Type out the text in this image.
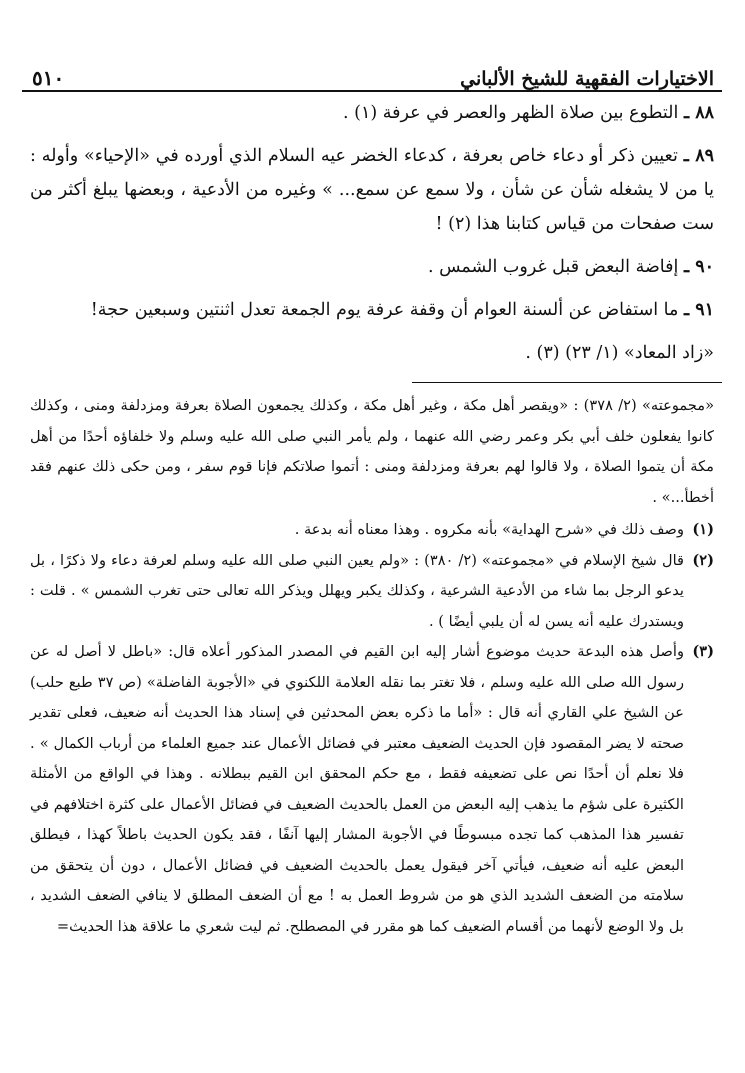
الاختيارات الفقهية للشيخ الألباني
٥١٠

٨٨ ـ التطوع بين صلاة الظهر والعصر في عرفة (١) .

٨٩ ـ تعيين ذكر أو دعاء خاص بعرفة ، كدعاء الخضر عيه السلام الذي أورده في «الإحياء» وأوله : يا من لا يشغله شأن عن شأن ، ولا سمع عن سمع... » وغيره من الأدعية ، وبعضها يبلغ أكثر من ست صفحات من قياس كتابنا هذا (٢) !

٩٠ ـ إفاضة البعض قبل غروب الشمس .

٩١ ـ ما استفاض عن ألسنة العوام أن وقفة عرفة يوم الجمعة تعدل اثنتين وسبعين حجة!

«زاد المعاد» (١/ ٢٣) (٣) .

«مجموعته» (٢/ ٣٧٨) : «ويقصر أهل مكة ، وغير أهل مكة ، وكذلك يجمعون الصلاة بعرفة ومزدلفة ومنى ، وكذلك كانوا يفعلون خلف أبي بكر وعمر رضي الله عنهما ، ولم يأمر النبي صلى الله عليه وسلم ولا خلفاؤه أحدًا من أهل مكة أن يتموا الصلاة ، ولا قالوا لهم بعرفة ومزدلفة ومنى : أتموا صلاتكم فإنا قوم سفر ، ومن حكى ذلك عنهم فقد أخطأ...» .

(١)
وصف ذلك في «شرح الهداية» بأنه مكروه . وهذا معناه أنه بدعة .
(٢)
قال شيخ الإسلام في «مجموعته» (٢/ ٣٨٠) : «ولم يعين النبي صلى الله عليه وسلم لعرفة دعاء ولا ذكرًا ، بل يدعو الرجل بما شاء من الأدعية الشرعية ، وكذلك يكبر ويهلل ويذكر الله تعالى حتى تغرب الشمس » . قلت : ويستدرك عليه أنه يسن له أن يلبي أيضًا ) .
(٣)
وأصل هذه البدعة حديث موضوع أشار إليه ابن القيم في المصدر المذكور أعلاه قال: «باطل لا أصل له عن رسول الله صلى الله عليه وسلم ، فلا تغتر بما نقله العلامة اللكنوي في «الأجوبة الفاضلة» (ص ٣٧ طبع حلب) عن الشيخ علي القاري أنه قال : «أما ما ذكره بعض المحدثين في إسناد هذا الحديث أنه ضعيف، فعلى تقدير صحته لا يضر المقصود فإن الحديث الضعيف معتبر في فضائل الأعمال عند جميع العلماء من أرباب الكمال » . فلا نعلم أن أحدًا نص على تضعيفه فقط ، مع حكم المحقق ابن القيم ببطلانه . وهذا في الواقع من الأمثلة الكثيرة على شؤم ما يذهب إليه البعض من العمل بالحديث الضعيف في فضائل الأعمال على كثرة اختلافهم في تفسير هذا المذهب كما تجده مبسوطًا في الأجوبة المشار إليها آنفًا ، فقد يكون الحديث باطلاً كهذا ، فيطلق البعض عليه أنه ضعيف، فيأتي آخر فيقول يعمل بالحديث الضعيف في فضائل الأعمال ، دون أن يتحقق من سلامته من الضعف الشديد الذي هو من شروط العمل به ! مع أن الضعف المطلق لا ينافي الضعف الشديد ، بل ولا الوضع لأنهما من أقسام الضعيف كما هو مقرر في المصطلح. ثم ليت شعري ما علاقة هذا الحديث=
